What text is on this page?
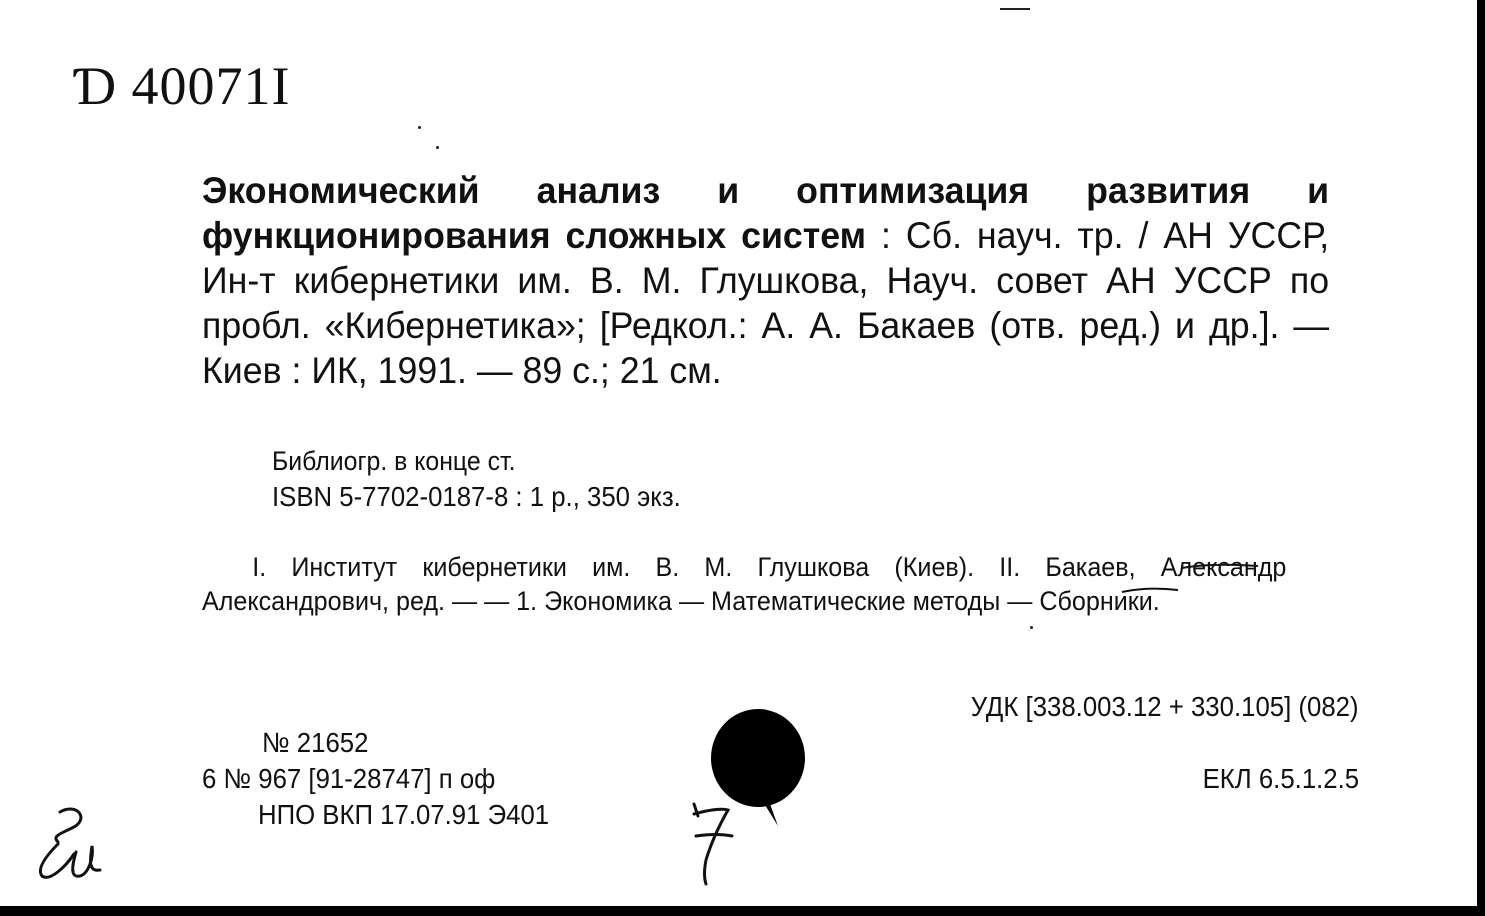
Ɗ 40071I
Экономический анализ и оптимизация развития и функционирования сложных систем : Сб. науч. тр. / АН УССР, Ин-т кибернетики им. В. М. Глушкова, Науч. совет АН УССР по пробл. «Кибернетика»; [Редкол.: А. А. Бакаев (отв. ред.) и др.]. — Киев : ИК, 1991. — 89 с.; 21 см.
Библиогр. в конце ст.
ISBN 5-7702-0187-8 : 1 р., 350 экз.
I. Институт кибернетики им. В. М. Глушкова (Киев). II. Бакаев, Александр Александрович, ред. — — 1. Экономика — Математические методы — Сборники.
УДК [338.003.12 + 330.105] (082)
№ 21652
6 № 967 [91-28747] п оф
НПО ВКП 17.07.91 Э401
ЕКЛ 6.5.1.2.5
